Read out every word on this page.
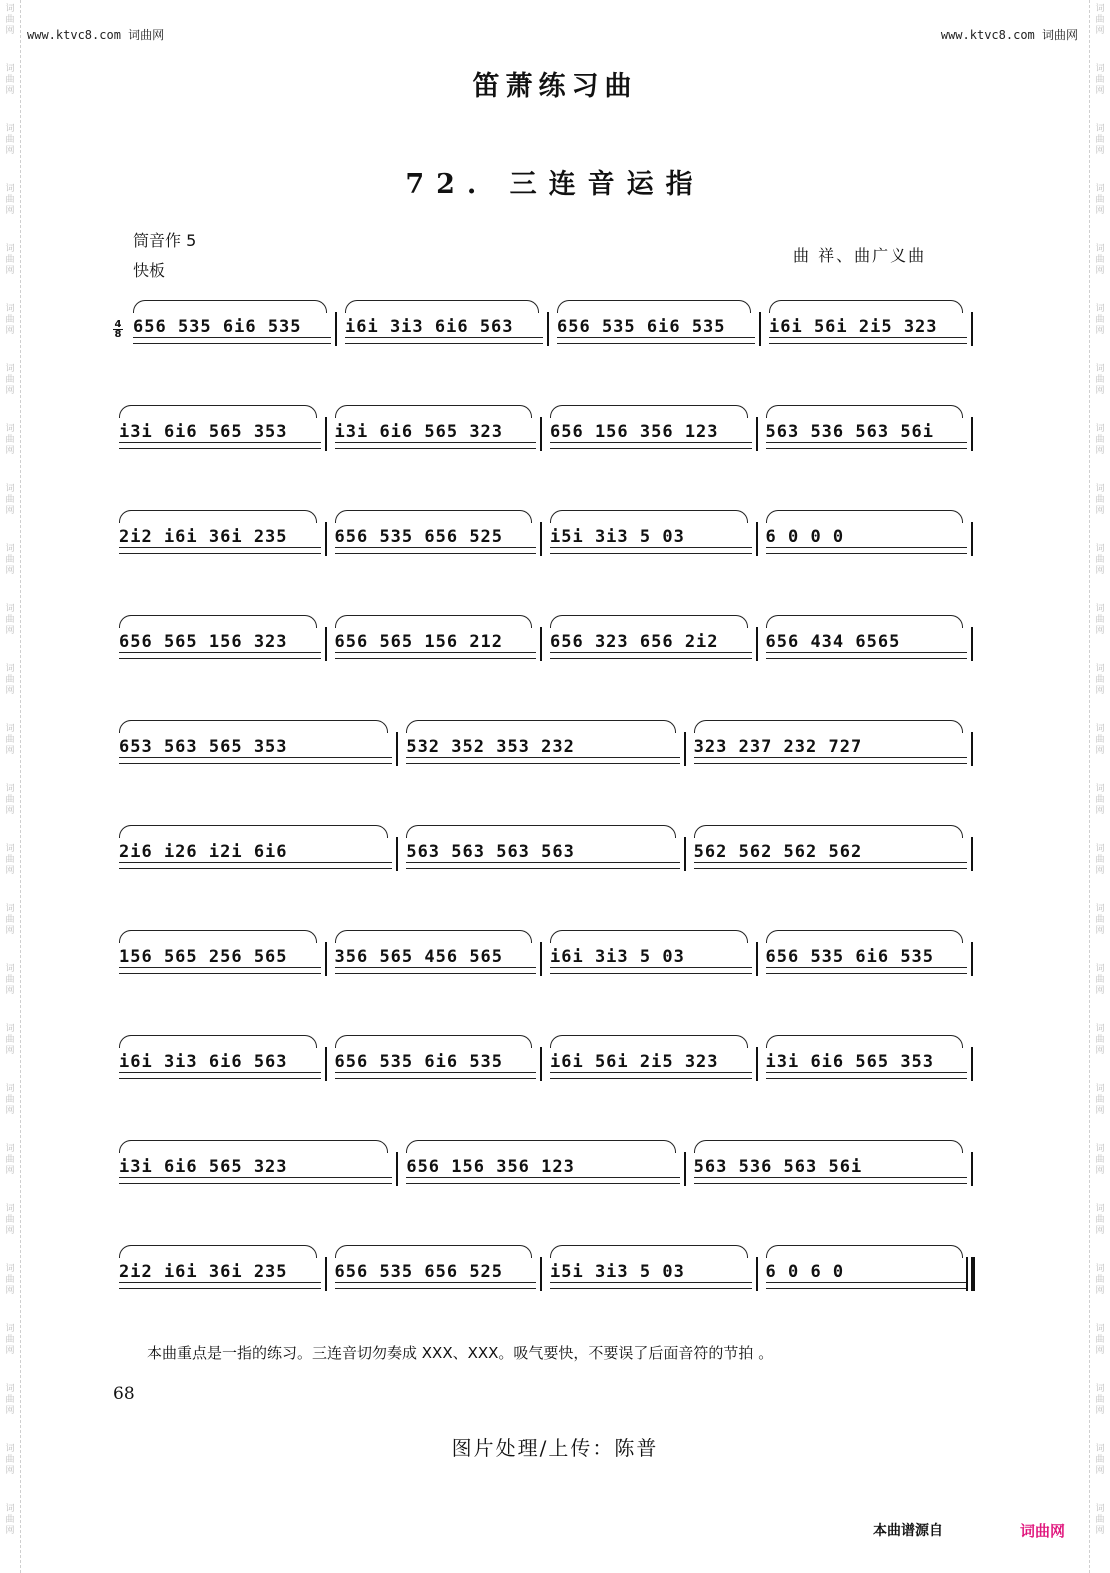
词
曲
网
词
曲
网
词
曲
网
词
曲
网
词
曲
网
词
曲
网
词
曲
网
词
曲
网
词
曲
网
词
曲
网
词
曲
网
词
曲
网
词
曲
网
词
曲
网
词
曲
网
词
曲
网
词
曲
网
词
曲
网
词
曲
网
词
曲
网
词
曲
网
词
曲
网
词
曲
网
词
曲
网
词
曲
网
词
曲
网
词
曲
网
词
曲
网
词
曲
网
词
曲
网
词
曲
网
词
曲
网
词
曲
网
词
曲
网
词
曲
网
词
曲
网
词
曲
网
词
曲
网
词
曲
网
词
曲
网
词
曲
网
词
曲
网
词
曲
网
词
曲
网
词
曲
网
词
曲
网
词
曲
网
词
曲
网
词
曲
网
词
曲
网
词
曲
网
词
曲
网
www.ktvc8.com 词曲网	www.ktvc8.com 词曲网
笛萧练习曲
72. 三连音运指
筒音作 5
快板
曲 祥、曲广义曲
$\frac{4}{8} 656$ 535 6i6 535	i6i 3i3 6i6 563	656 535 6i6 535	i6i 56i 2i5 323
i3i 6i6 565 353	i3i 6i6 565 323	656 156 356 123	563 536 563 56i
2i2 i6i 36i 235	656 535 656 525	i5i 3i3 5 03	6 0 0 0
656 565 156 323	656 565 156 212	656 323 656 2i2	656 434 6565
653 563 565 353	532 352 353 232	323 237 232 727
2i6 i26 i2i 6i6	563 563 563 563	562 562 562 562
156 565 256 565	356 565 456 565	i6i 3i3 5 03	656 535 6i6 535
i6i 3i3 6i6 563	656 535 6i6 535	i6i 56i 2i5 323	i3i 6i6 565 353
i3i 6i6 565 323	656 156 356 123	563 536 563 56i
2i2 i6i 36i 235	656 535 656 525	i5i 3i3 5 03	6 0 6 0
本曲重点是一指的练习。三连音切勿奏成 XXX、XXX。吸气要快，不要误了后面音符的节拍 。
68
图片处理/上传：陈普
本曲谱源自	词曲网
